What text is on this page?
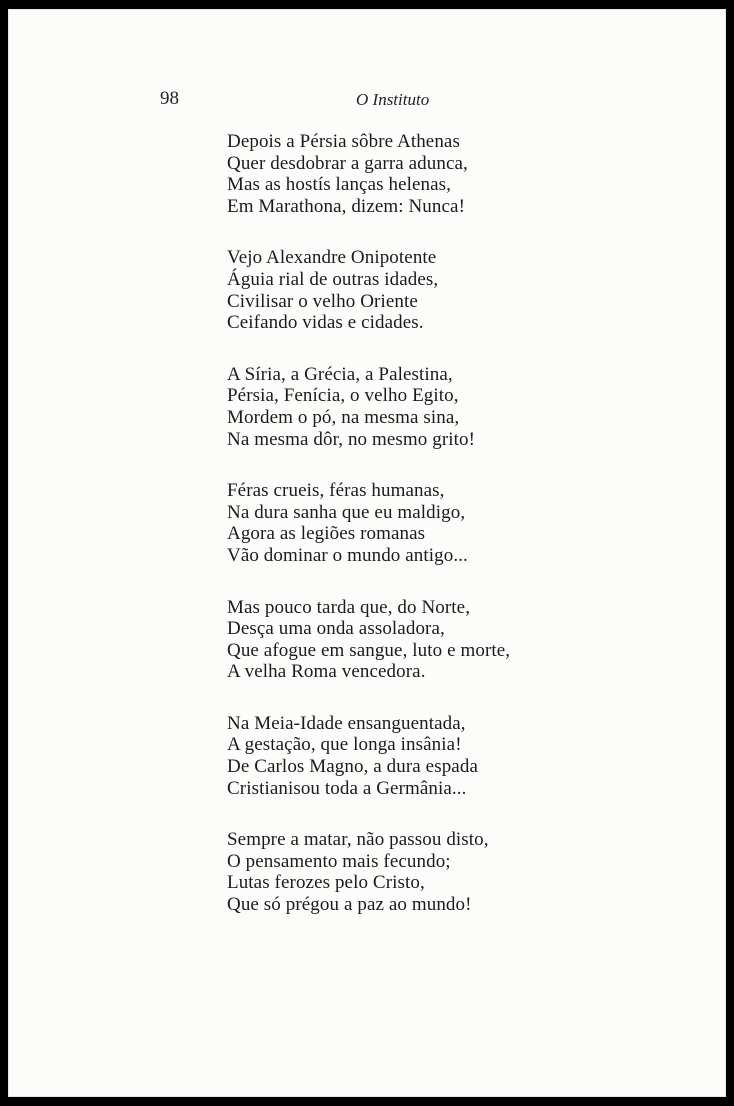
98	O Instituto

Depois a Pérsia sôbre Athenas
Quer desdobrar a garra adunca,
Mas as hostís lanças helenas,
Em Marathona, dizem: Nunca!
Vejo Alexandre Onipotente
Águia rial de outras idades,
Civilisar o velho Oriente
Ceifando vidas e cidades.
A Síria, a Grécia, a Palestina,
Pérsia, Fenícia, o velho Egito,
Mordem o pó, na mesma sina,
Na mesma dôr, no mesmo grito!
Féras crueis, féras humanas,
Na dura sanha que eu maldigo,
Agora as legiões romanas
Vão dominar o mundo antigo...
Mas pouco tarda que, do Norte,
Desça uma onda assoladora,
Que afogue em sangue, luto e morte,
A velha Roma vencedora.
Na Meia-Idade ensanguentada,
A gestação, que longa insânia!
De Carlos Magno, a dura espada
Cristianisou toda a Germânia...
Sempre a matar, não passou disto,
O pensamento mais fecundo;
Lutas ferozes pelo Cristo,
Que só prégou a paz ao mundo!
